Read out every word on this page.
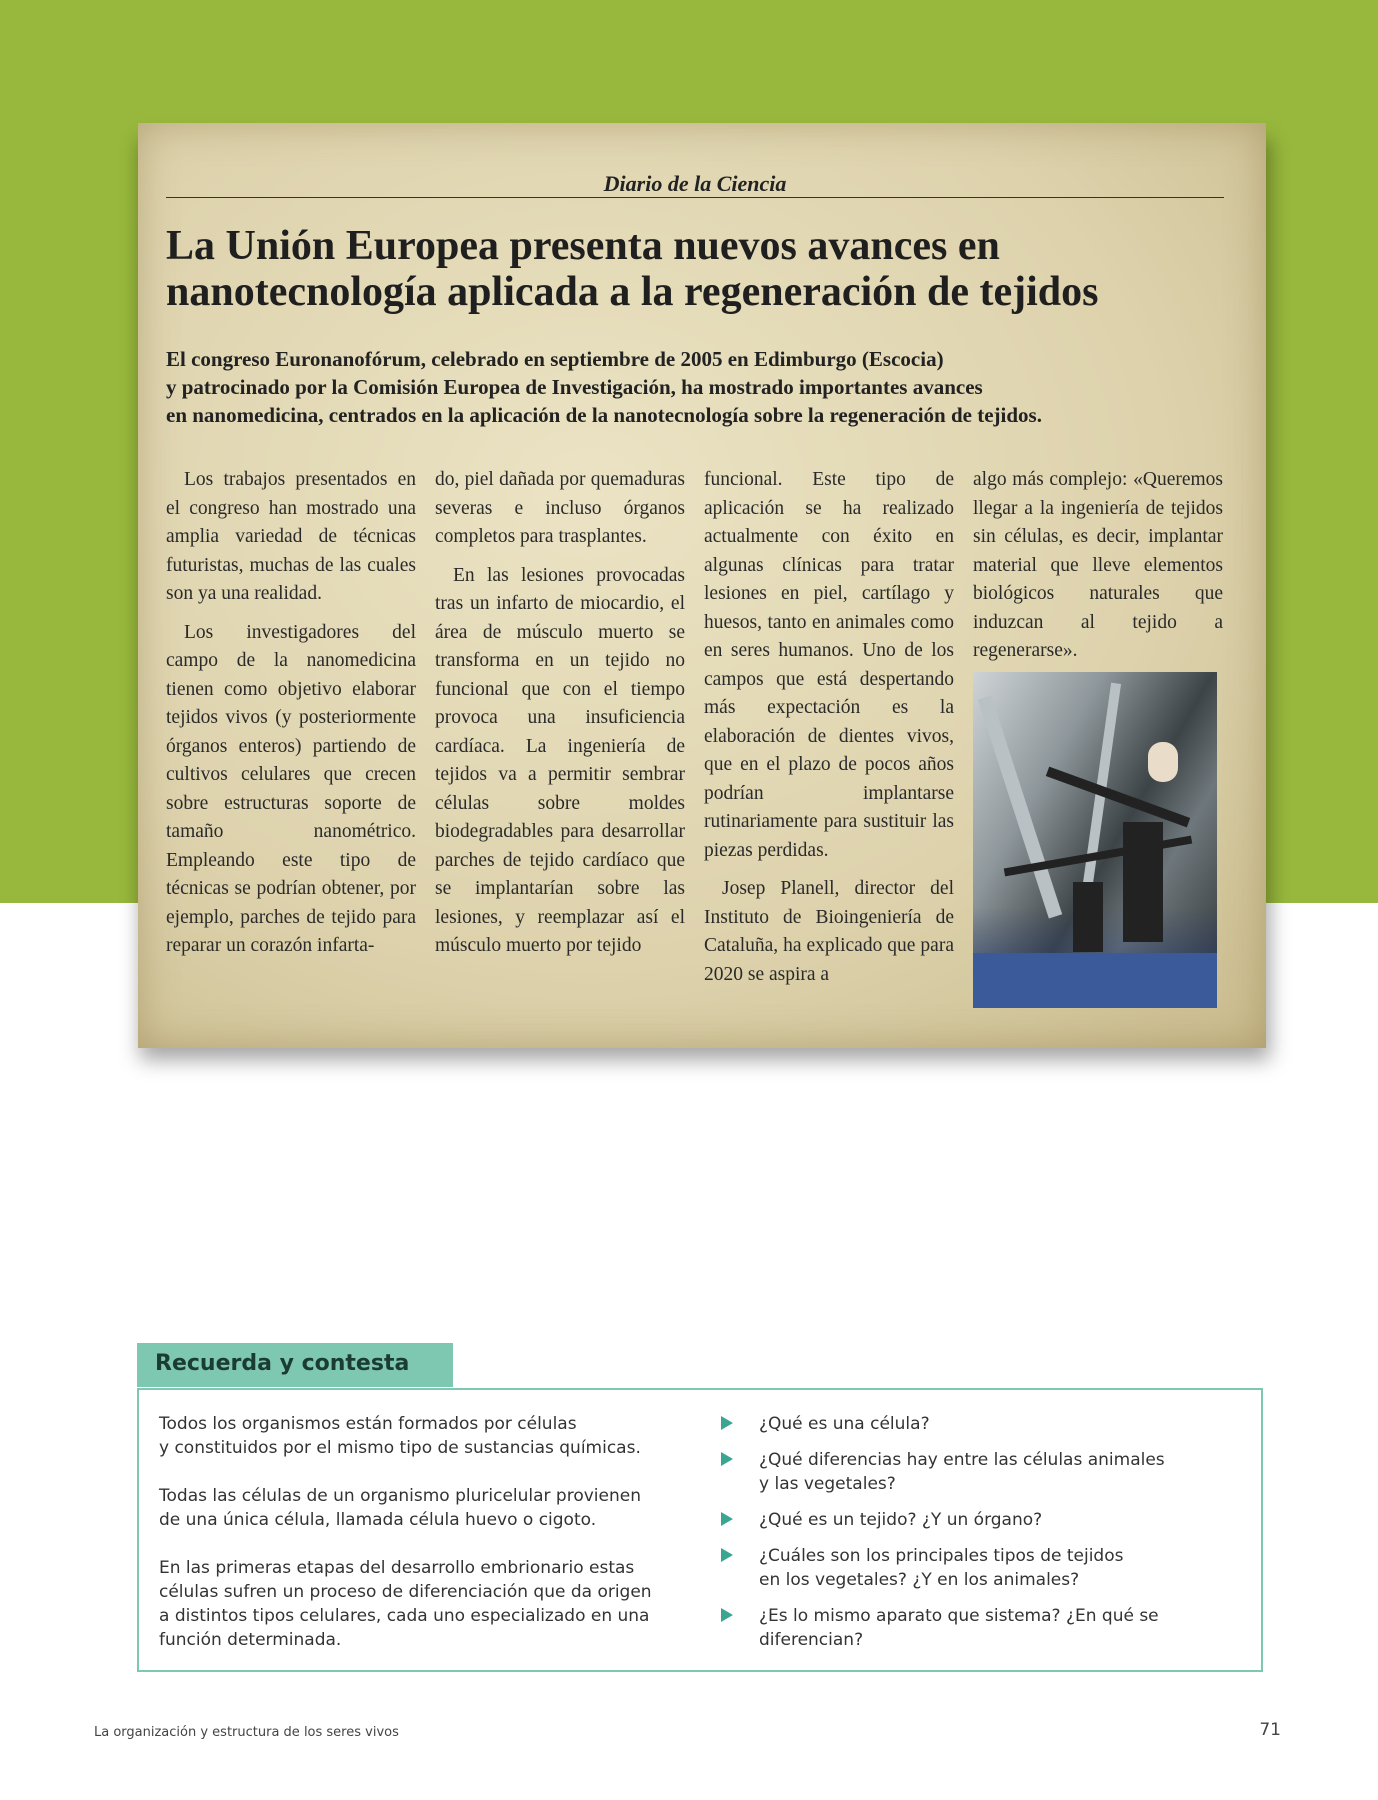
Diario de la Ciencia
La Unión Europea presenta nuevos avances en
nanotecnología aplicada a la regeneración de tejidos

El congreso Euronanofórum, celebrado en septiembre de 2005 en Edimburgo (Escocia)
y patrocinado por la Comisión Europea de Investigación, ha mostrado importantes avances
en nanomedicina, centrados en la aplicación de la nanotecnología sobre la regeneración de tejidos.

Los trabajos presentados en el congreso han mostrado una amplia variedad de técnicas futuristas, muchas de las cuales son ya una realidad.

Los investigadores del campo de la nanomedicina tienen como objetivo elaborar tejidos vivos (y posteriormente órganos enteros) partiendo de cultivos celulares que crecen sobre estructuras soporte de tamaño nanométrico. Empleando este tipo de técnicas se podrían obtener, por ejemplo, parches de tejido para reparar un corazón infarta-

do, piel dañada por quemaduras severas e incluso órganos completos para trasplantes.

En las lesiones provocadas tras un infarto de miocardio, el área de músculo muerto se transforma en un tejido no funcional que con el tiempo provoca una insuficiencia cardíaca. La ingeniería de tejidos va a permitir sembrar células sobre moldes biodegradables para desarrollar parches de tejido cardíaco que se implantarían sobre las lesiones, y reemplazar así el músculo muerto por tejido

funcional. Este tipo de aplicación se ha realizado actualmente con éxito en algunas clínicas para tratar lesiones en piel, cartílago y huesos, tanto en animales como en seres humanos. Uno de los campos que está despertando más expectación es la elaboración de dientes vivos, que en el plazo de pocos años podrían implantarse rutinariamente para sustituir las piezas perdidas.

Josep Planell, director del Instituto de Bioingeniería de Cataluña, ha explicado que para 2020 se aspira a

algo más complejo: «Queremos llegar a la ingeniería de tejidos sin células, es decir, implantar material que lleve elementos biológicos naturales que induzcan al tejido a regenerarse».

Recuerda y contesta

Todos los organismos están formados por células
y constituidos por el mismo tipo de sustancias químicas.

Todas las células de un organismo pluricelular provienen
de una única célula, llamada célula huevo o cigoto.

En las primeras etapas del desarrollo embrionario estas
células sufren un proceso de diferenciación que da origen
a distintos tipos celulares, cada uno especializado en una
función determinada.

¿Qué es una célula?
¿Qué diferencias hay entre las células animales
y las vegetales?
¿Qué es un tejido? ¿Y un órgano?
¿Cuáles son los principales tipos de tejidos
en los vegetales? ¿Y en los animales?
¿Es lo mismo aparato que sistema? ¿En qué se
diferencian?
La organización y estructura de los seres vivos	71
